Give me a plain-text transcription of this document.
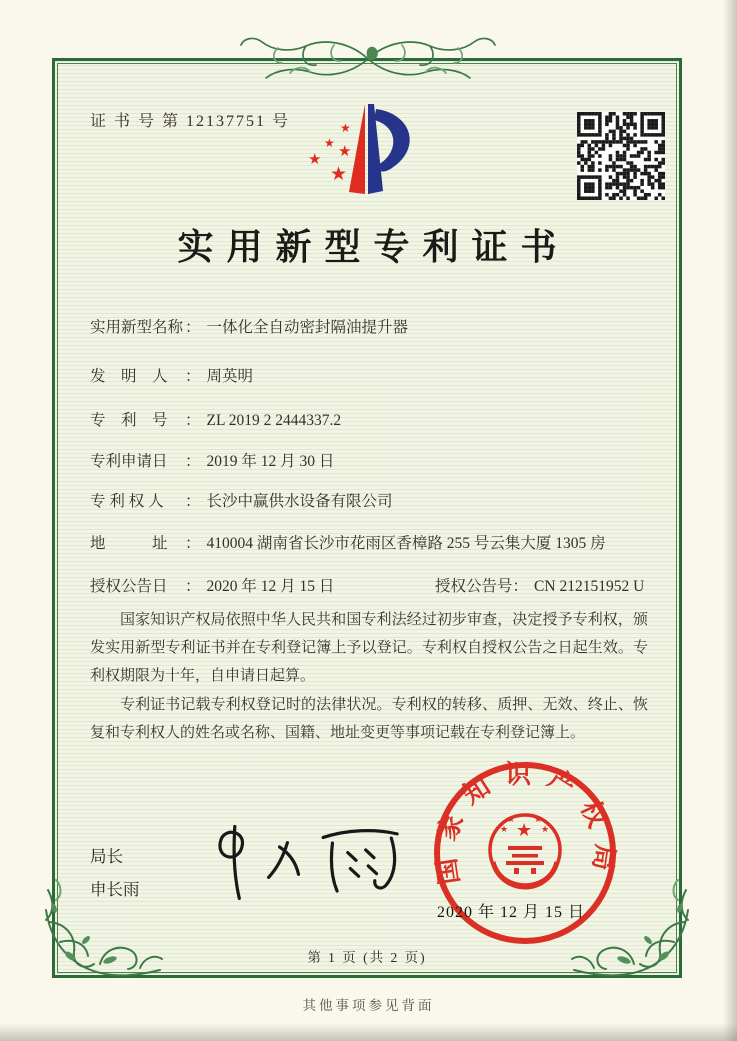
证 书 号 第 12137751 号	★
★ ★
★
★
实用新型专利证书
实用新型名称 ： 一体化全自动密封隔油提升器
发　明　人 ： 周英明
专　利　号 ： ZL 2019 2 2444337.2
专利申请日 ： 2019 年 12 月 30 日
专 利 权 人 ： 长沙中赢供水设备有限公司
地　　　址 ： 410004 湖南省长沙市花雨区香樟路 255 号云集大厦 1305 房
授权公告日 ： 2020 年 12 月 15 日	授权公告号： CN 212151952 U

国家知识产权局依照中华人民共和国专利法经过初步审查，决定授予专利权，颁发实用新型专利证书并在专利登记簿上予以登记。专利权自授权公告之日起生效。专利权期限为十年，自申请日起算。

专利证书记载专利权登记时的法律状况。专利权的转移、质押、无效、终止、恢复和专利权人的姓名或名称、国籍、地址变更等事项记载在专利登记簿上。

局长
申长雨
国家知识产权局
★
★
★ ★
★
2020 年 12 月 15 日
第 1 页 (共 2 页)
其他事项参见背面
